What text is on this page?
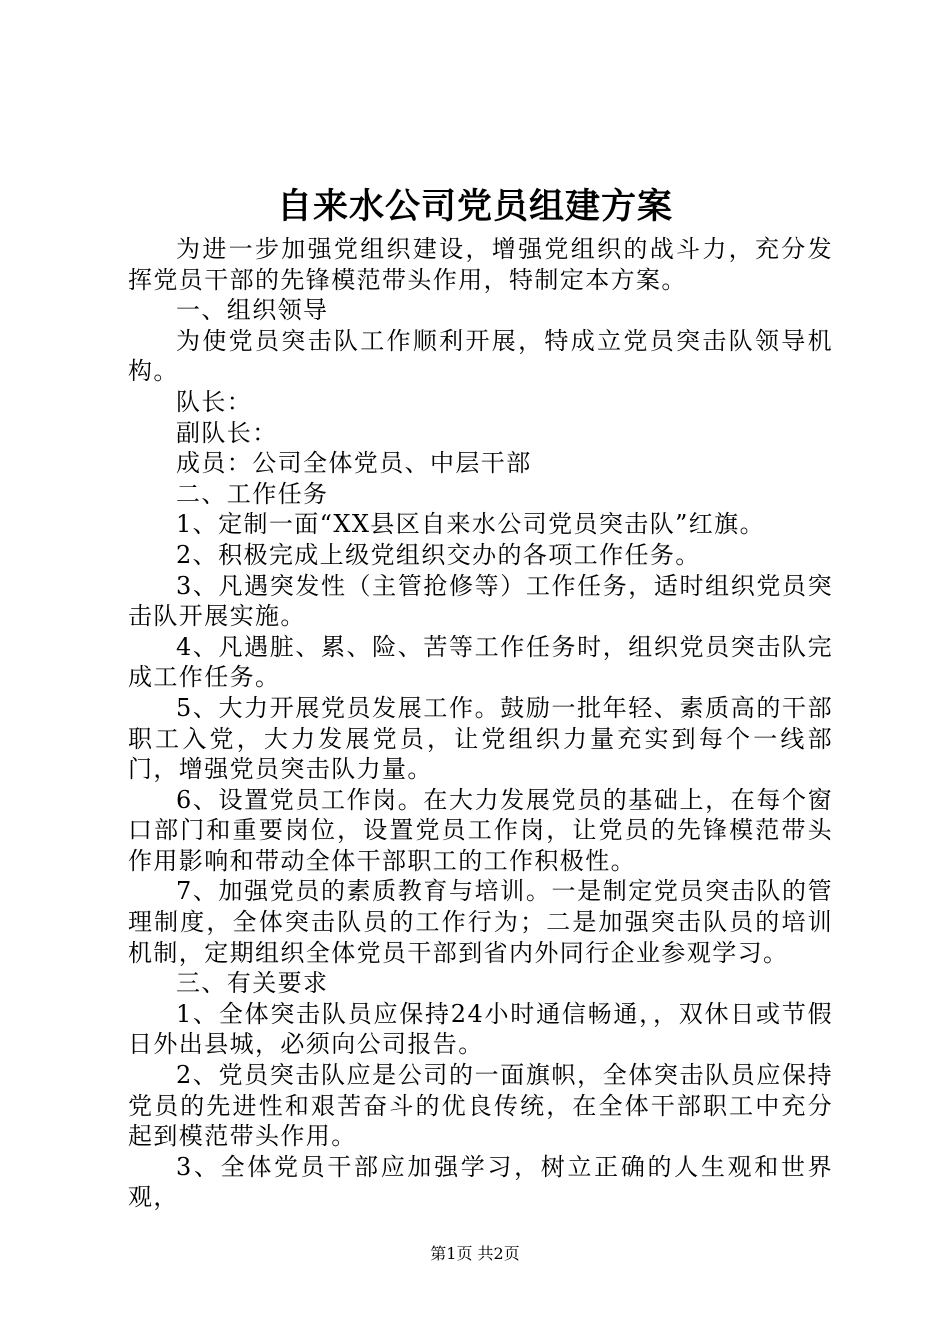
自来水公司党员组建方案

为进一步加强党组织建设，增强党组织的战斗力，充分发挥党员干部的先锋模范带头作用，特制定本方案。

一、组织领导

为使党员突击队工作顺利开展，特成立党员突击队领导机构。

队长：

副队长：

成员：公司全体党员、中层干部

二、工作任务

1、定制一面“XX县区自来水公司党员突击队”红旗。

2、积极完成上级党组织交办的各项工作任务。

3、凡遇突发性（主管抢修等）工作任务，适时组织党员突击队开展实施。

4、凡遇脏、累、险、苦等工作任务时，组织党员突击队完成工作任务。

5、大力开展党员发展工作。鼓励一批年轻、素质高的干部职工入党，大力发展党员，让党组织力量充实到每个一线部门，增强党员突击队力量。

6、设置党员工作岗。在大力发展党员的基础上，在每个窗口部门和重要岗位，设置党员工作岗，让党员的先锋模范带头作用影响和带动全体干部职工的工作积极性。

7、加强党员的素质教育与培训。一是制定党员突击队的管理制度，全体突击队员的工作行为；二是加强突击队员的培训机制，定期组织全体党员干部到省内外同行企业参观学习。

三、有关要求

1、全体突击队员应保持24小时通信畅通，，双休日或节假日外出县城，必须向公司报告。

2、党员突击队应是公司的一面旗帜，全体突击队员应保持党员的先进性和艰苦奋斗的优良传统，在全体干部职工中充分起到模范带头作用。

3、全体党员干部应加强学习，树立正确的人生观和世界观，

第1页 共2页
